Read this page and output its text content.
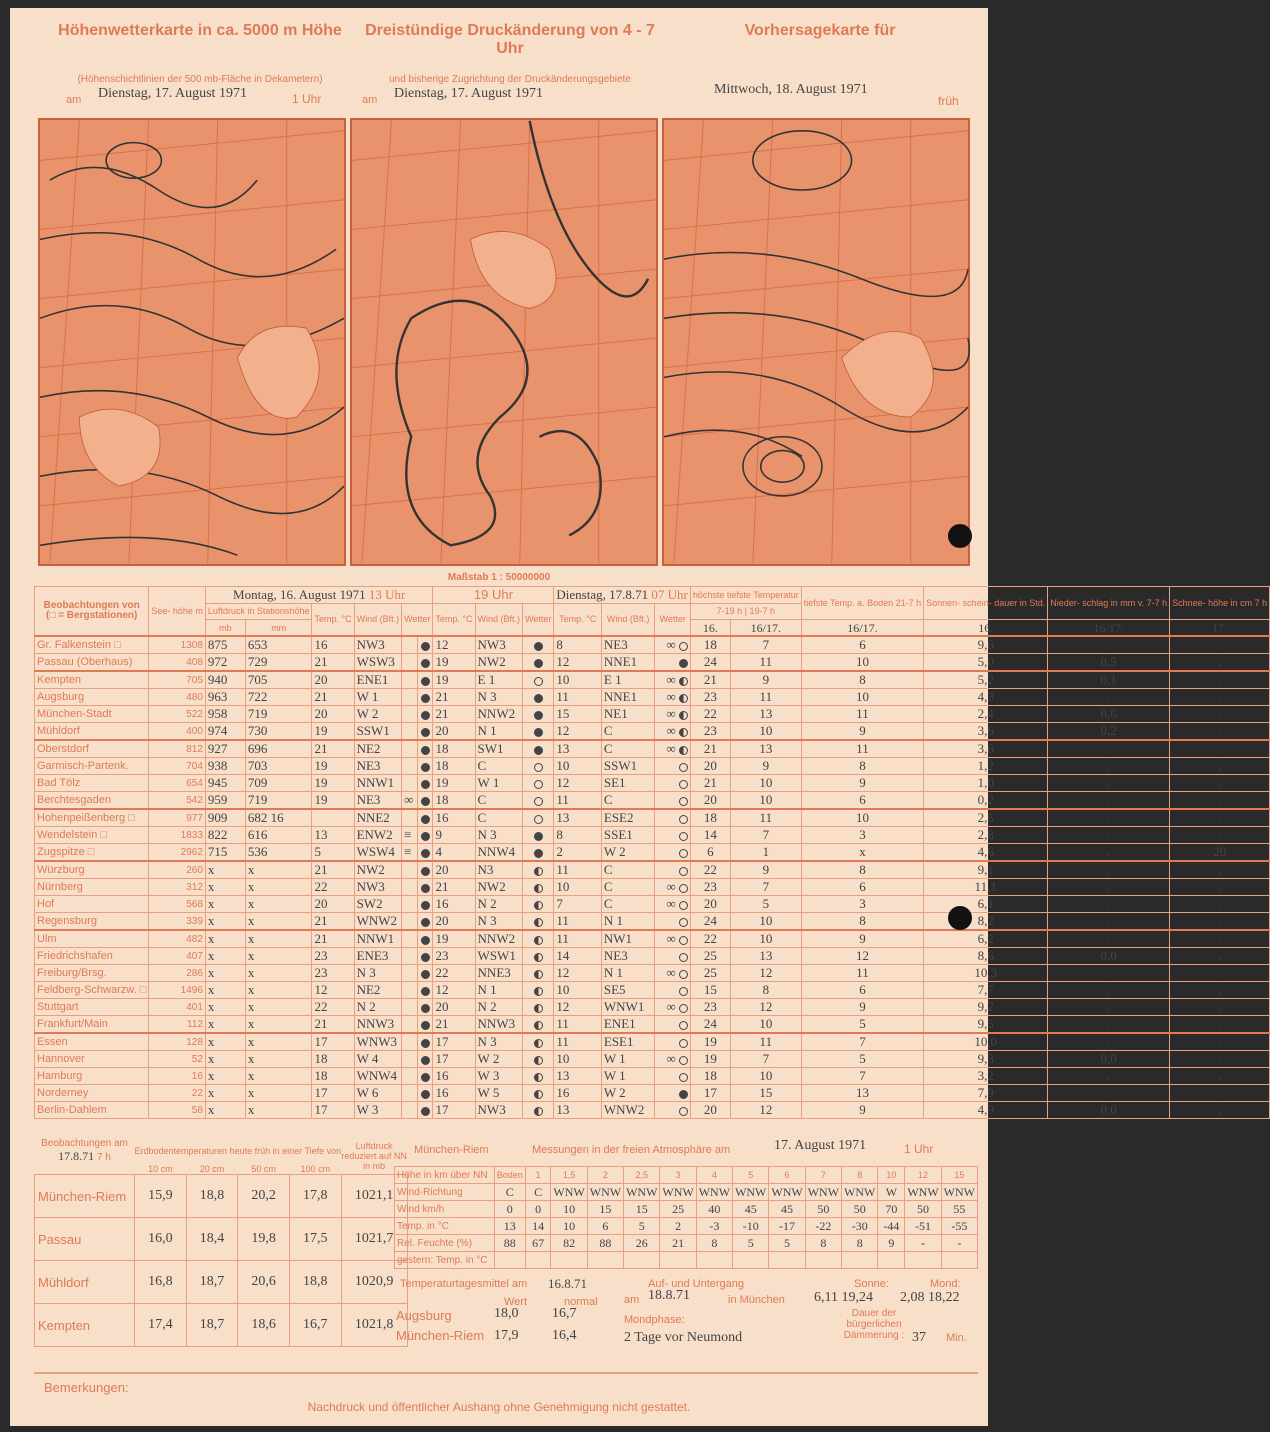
Höhenwetterkarte in ca. 5000 m Höhe
(Höhenschichtlinien der 500 mb-Fläche in Dekametern)
am Dienstag, 17. August 1971	1 Uhr
Dreistündige Druckänderung von 4 - 7 Uhr
und bisherige Zugrichtung der Druckänderungsgebiete
am Dienstag, 17. August 1971
Vorhersagekarte für
Mittwoch, 18. August 1971
früh
Maßstab 1 : 50000000
Beobachtungen von
(□ = Bergstationen)	See- höhe m	Montag, 16. August 1971 13 Uhr						19 Uhr			Dienstag, 17.8.71 07 Uhr			höchste tiefste Temperatur		tiefste Temp. a. Boden 21-7 h	Sonnen- schein- dauer in Std.	Nieder- schlag in mm v. 7-7 h	Schnee- höhe in cm 7 h
		Luftdruck in Stationshöhe		Temp. °C	Wind (Bft.)	Wetter		Temp. °C	Wind (Bft.)	Wetter	Temp. °C	Wind (Bft.)	Wetter	7-19 h | 19-7 h					
		mb	mm											16.	16/17.	16/17.	16.	16/17.	17.
Gr. Falkenstein □	1308	875	653	16	NW3			12	NW3		8	NE3	∞	18	7	6	9,6	.	.
Passau (Oberhaus)	408	972	729	21	WSW3			19	NW2		12	NNE1		24	11	10	5,0	0,5	.
Kempten	705	940	705	20	ENE1			19	E 1		10	E 1	∞	21	9	8	5,2	0,1	.
Augsburg	480	963	722	21	W 1			21	N 3		11	NNE1	∞	23	11	10	4,3	.	.
München-Stadt	522	958	719	20	W 2			21	NNW2		15	NE1	∞	22	13	11	2,4	0,6	.
Mühldorf	400	974	730	19	SSW1			20	N 1		12	C	∞	23	10	9	3,6	0,2	.
Oberstdorf	812	927	696	21	NE2			18	SW1		13	C	∞	21	13	11	3,6	.	.
Garmisch-Partenk.	704	938	703	19	NE3			18	C		10	SSW1		20	9	8	1,2	.	.
Bad Tölz	654	945	709	19	NNW1			19	W 1		12	SE1		21	10	9	1,0	.	.
Berchtesgaden	542	959	719	19	NE3	∞		18	C		11	C		20	10	6	0,2	.	.
Hohenpeißenberg □	977	909	682 16		NNE2			16	C		13	ESE2		18	11	10	2,5	.	.
Wendelstein □	1833	822	616	13	ENW2	≡		9	N 3		8	SSE1		14	7	3	2,8	.	.
Zugspitze □	2962	715	536	5	WSW4	≡		4	NNW4		2	W 2		6	1	x	4,6	.	20
Würzburg	260	x	x	21	NW2			20	N3		11	C		22	9	8	9,1	.	.
Nürnberg	312	x	x	22	NW3			21	NW2		10	C	∞	23	7	6	11,1	.	.
Hof	568	x	x	20	SW2			16	N 2		7	C	∞	20	5	3	6,1	.	.
Regensburg	339	x	x	21	WNW2			20	N 3		11	N 1		24	10	8	8,2	.	.
Ulm	482	x	x	21	NNW1			19	NNW2		11	NW1	∞	22	10	9	6,2	.	.
Friedrichshafen	407	x	x	23	ENE3			23	WSW1		14	NE3		25	13	12	8,6	0,0	.
Freiburg/Brsg.	286	x	x	23	N 3			22	NNE3		12	N 1	∞	25	12	11	10,3	.	.
Feldberg-Schwarzw. □	1496	x	x	12	NE2			12	N 1		10	SE5		15	8	6	7,7	.	.
Stuttgart	401	x	x	22	N 2			20	N 2		12	WNW1	∞	23	12	9	9,2	.	.
Frankfurt/Main	112	x	x	21	NNW3			21	NNW3		11	ENE1		24	10	5	9,5	.	.
Essen	128	x	x	17	WNW3			17	N 3		11	ESE1		19	11	7	10,0	.	.
Hannover	52	x	x	18	W 4			17	W 2		10	W 1	∞	19	7	5	9,3	0,0	.
Hamburg	16	x	x	18	WNW4			16	W 3		13	W 1		18	10	7	3,2	.	.
Norderney	22	x	x	17	W 6			16	W 5		16	W 2		17	15	13	7,9	.	.
Berlin-Dahlem	58	x	x	17	W 3			17	NW3		13	WNW2		20	12	9	4,9	0,0	.
Beobachtungen am
17.8.71 7 h	Erdbodentemperaturen heute früh in einer Tiefe von				Luftdruck reduziert auf NN in mb
	10 cm	20 cm	50 cm	100 cm	
München-Riem	15,9	18,8	20,2	17,8	1021,1
Passau	16,0	18,4	19,8	17,5	1021,7
Mühldorf	16,8	18,7	20,6	18,8	1020,9
Kempten	17,4	18,7	18,6	16,7	1021,8
München-Riem	Messungen in der freien Atmosphäre am	17. August 1971	1 Uhr
Höhe in km über NN	Boden	1	1,5	2	2,5	3	4	5	6	7	8	10	12	15
Wind-Richtung	C	C	WNW	WNW	WNW	WNW	WNW	WNW	WNW	WNW	WNW	W	WNW	WNW
Wind km/h	0	0	10	15	15	25	40	45	45	50	50	70	50	55
Temp. in °C	13	14	10	6	5	2	-3	-10	-17	-22	-30	-44	-51	-55
Rel. Feuchte (%)	88	67	82	88	26	21	8	5	5	8	8	9	-	-
gestern: Temp. in °C														
Temperaturtagesmittel am 16.8.71
Wert	normal
Augsburg	18,0 16,7
München-Riem 17,9 16,4
Auf- und Untergang
am 18.8.71	in München
Sonne:
6,11 19,24
Mond:
2,08 18,22
Mondphase:
2 Tage vor Neumond
Dauer der bürgerlichen Dämmerung : 37 Min.
Bemerkungen:
Nachdruck und öffentlicher Aushang ohne Genehmigung nicht gestattet.
